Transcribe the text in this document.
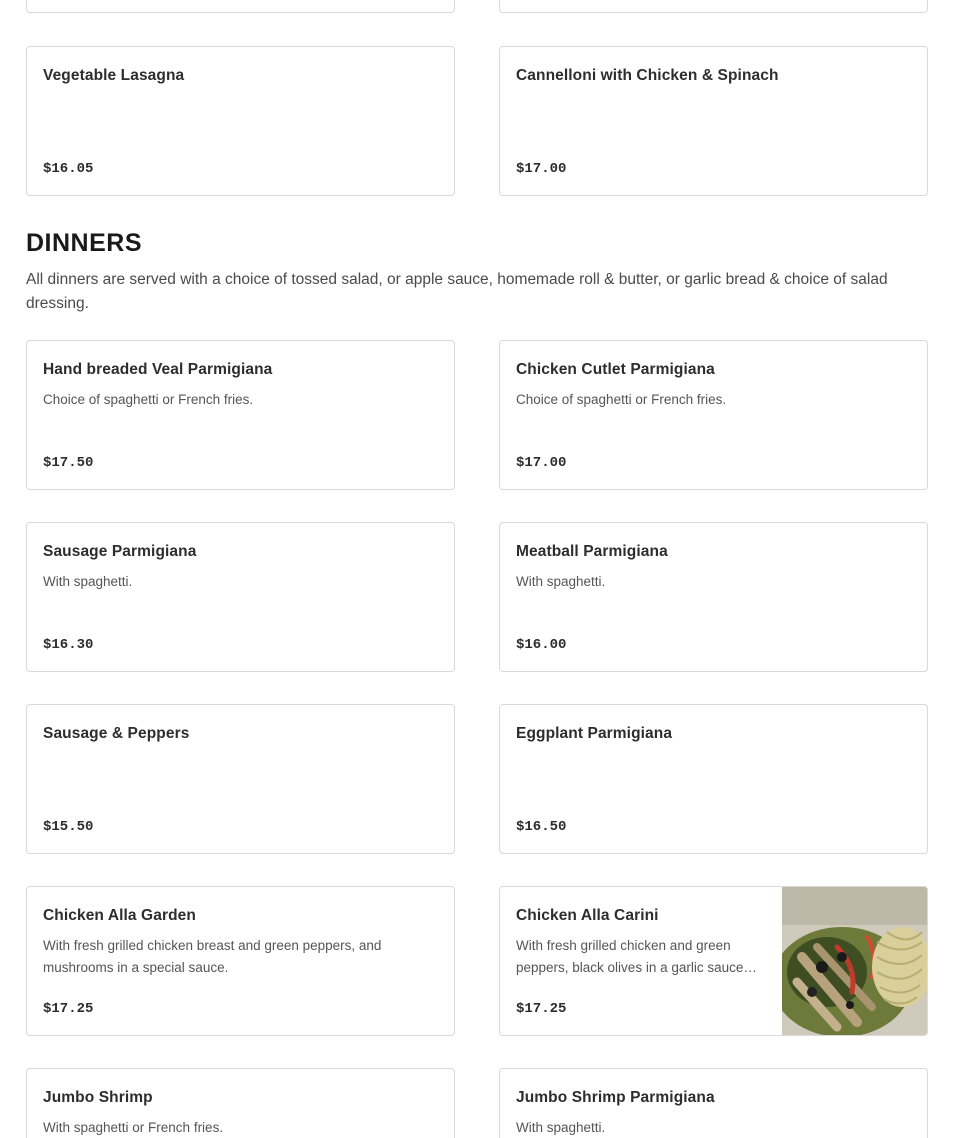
Vegetable Lasagna
$16.05
Cannelloni with Chicken & Spinach
$17.00
DINNERS

All dinners are served with a choice of tossed salad, or apple sauce, homemade roll & butter, or garlic bread & choice of salad dressing.

Hand breaded Veal Parmigiana
Choice of spaghetti or French fries.
$17.50
Chicken Cutlet Parmigiana
Choice of spaghetti or French fries.
$17.00
Sausage Parmigiana
With spaghetti.
$16.30
Meatball Parmigiana
With spaghetti.
$16.00
Sausage & Peppers
$15.50
Eggplant Parmigiana
$16.50
Chicken Alla Garden
With fresh grilled chicken breast and green peppers, and mushrooms in a special sauce.
$17.25
Chicken Alla Carini
With fresh grilled chicken and green peppers, black olives in a garlic sauce…
$17.25
Jumbo Shrimp
With spaghetti or French fries.
Jumbo Shrimp Parmigiana
With spaghetti.
